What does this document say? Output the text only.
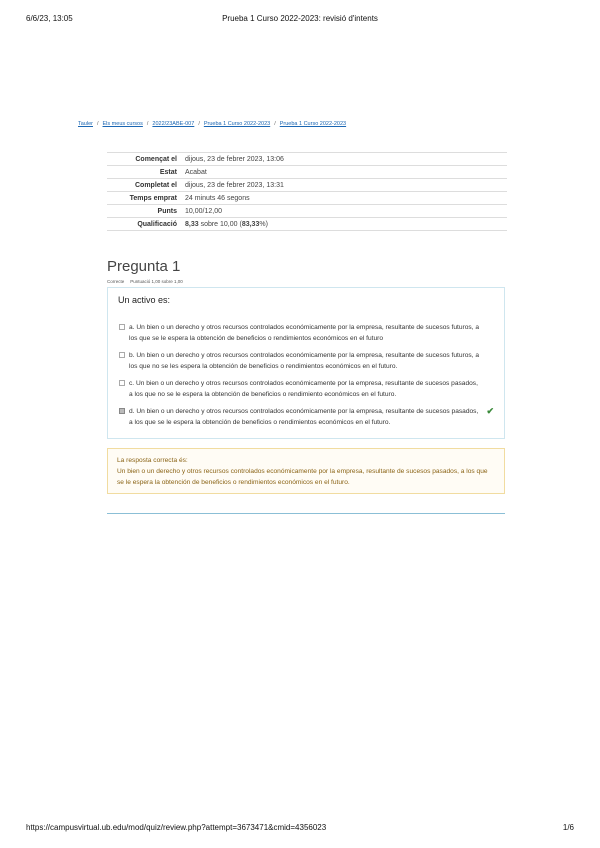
6/6/23, 13:05	Prueba 1 Curso 2022-2023: revisió d'intents
Tauler / Els meus cursos / 2022/23ABE-007 / Prueba 1 Curso 2022-2023 / Prueba 1 Curso 2022-2023
Començat el	dijous, 23 de febrer 2023, 13:06
Estat	Acabat
Completat el	dijous, 23 de febrer 2023, 13:31
Temps emprat	24 minuts 46 segons
Punts	10,00/12,00
Qualificació	8,33 sobre 10,00 (83,33%)
Pregunta 1
Correcte Puntuació 1,00 sobre 1,00
Un activo es:
a. Un bien o un derecho y otros recursos controlados económicamente por la empresa, resultante de sucesos futuros, a los que se le espera la obtención de beneficios o rendimientos económicos en el futuro
b. Un bien o un derecho y otros recursos controlados económicamente por la empresa, resultante de sucesos futuros, a los que no se les espera la obtención de beneficios o rendimientos económicos en el futuro.
c. Un bien o un derecho y otros recursos controlados económicamente por la empresa, resultante de sucesos pasados, a los que no se le espera la obtención de beneficios o rendimiento económicos en el futuro.
d. Un bien o un derecho y otros recursos controlados económicamente por la empresa, resultante de sucesos pasados, a los que se le espera la obtención de beneficios o rendimientos económicos en el futuro.
✔
La resposta correcta és:
Un bien o un derecho y otros recursos controlados económicamente por la empresa, resultante de sucesos pasados, a los que se le espera la obtención de beneficios o rendimientos económicos en el futuro.
https://campusvirtual.ub.edu/mod/quiz/review.php?attempt=3673471&cmid=4356023	1/6
